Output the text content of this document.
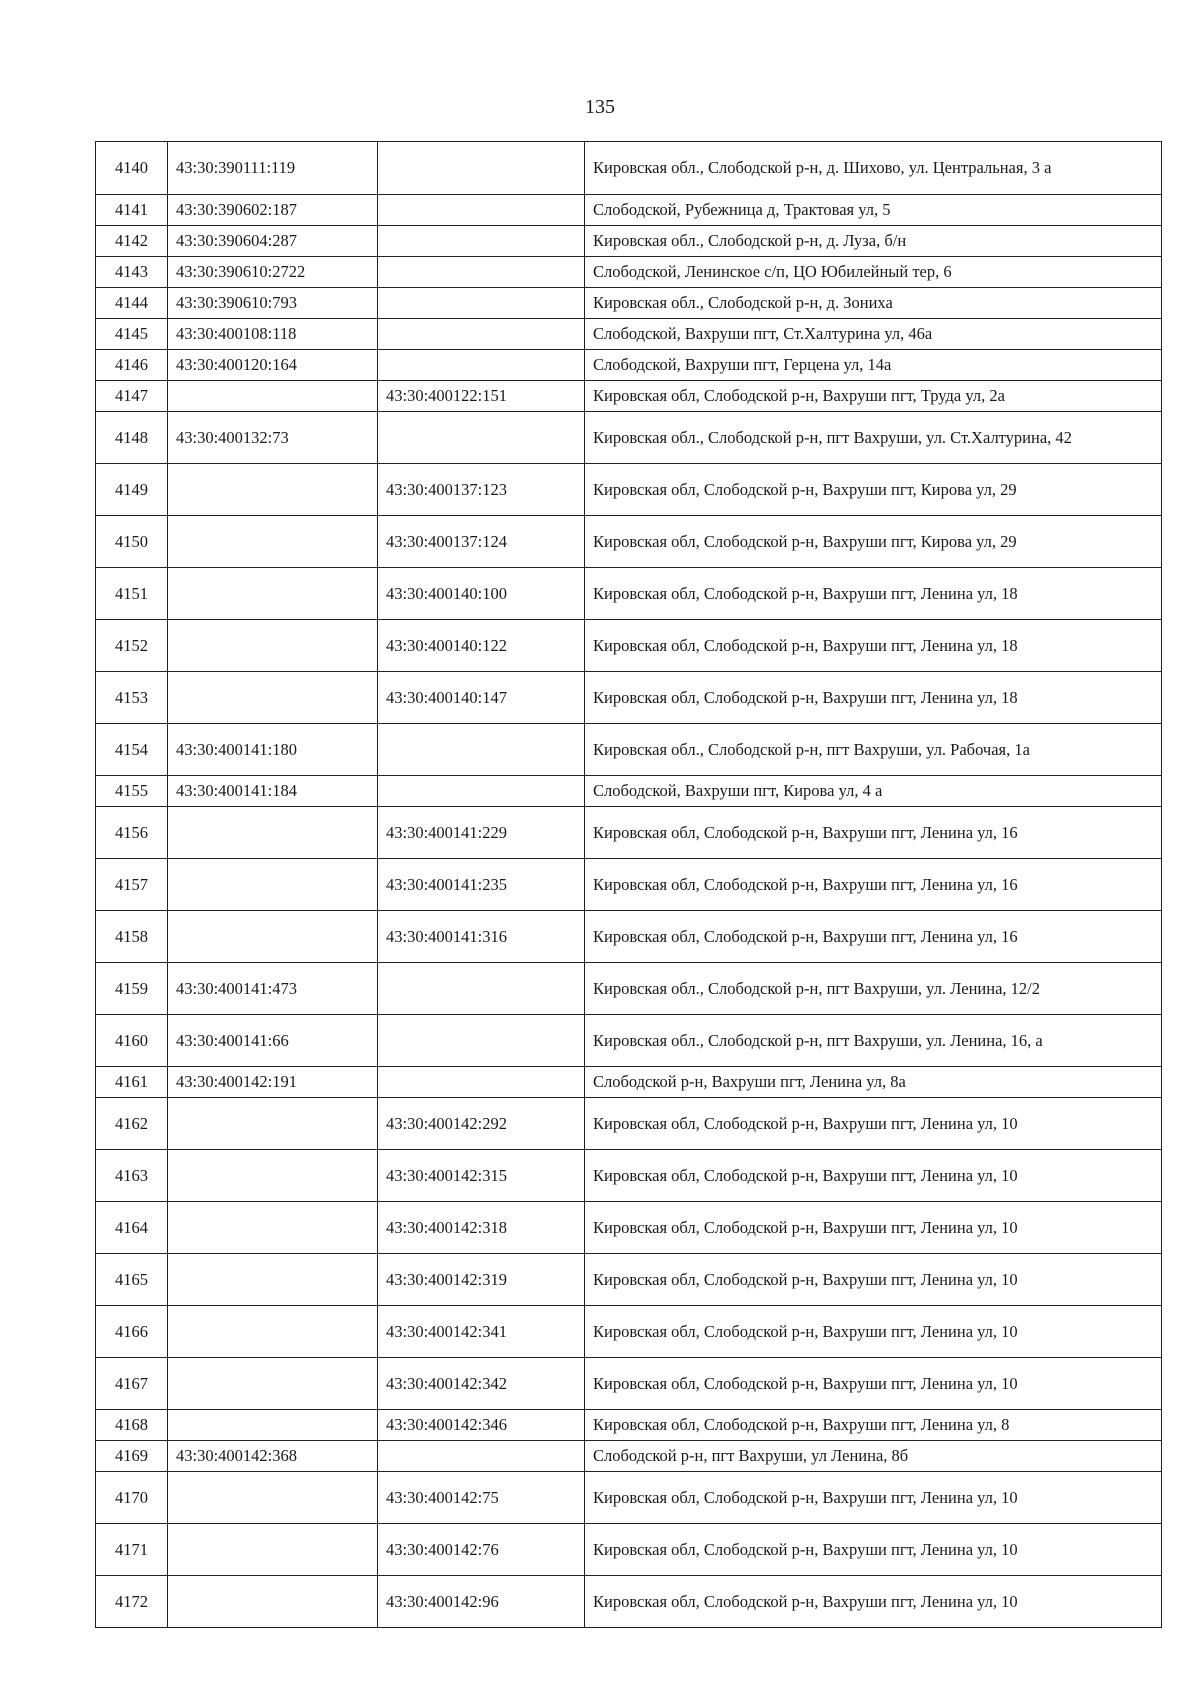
135
4140	43:30:390111:119		Кировская обл., Слободской р-н, д. Шихово, ул. Центральная, 3 а
4141	43:30:390602:187		Слободской, Рубежница д, Трактовая ул, 5
4142	43:30:390604:287		Кировская обл., Слободской р-н, д. Луза, б/н
4143	43:30:390610:2722		Слободской, Ленинское с/п, ЦО Юбилейный тер, 6
4144	43:30:390610:793		Кировская обл., Слободской р-н, д. Зониха
4145	43:30:400108:118		Слободской, Вахруши пгт, Ст.Халтурина ул, 46а
4146	43:30:400120:164		Слободской, Вахруши пгт, Герцена ул, 14а
4147		43:30:400122:151	Кировская обл, Слободской р-н, Вахруши пгт, Труда ул, 2а
4148	43:30:400132:73		Кировская обл., Слободской р-н, пгт Вахруши, ул. Ст.Халтурина, 42
4149		43:30:400137:123	Кировская обл, Слободской р-н, Вахруши пгт, Кирова ул, 29
4150		43:30:400137:124	Кировская обл, Слободской р-н, Вахруши пгт, Кирова ул, 29
4151		43:30:400140:100	Кировская обл, Слободской р-н, Вахруши пгт, Ленина ул, 18
4152		43:30:400140:122	Кировская обл, Слободской р-н, Вахруши пгт, Ленина ул, 18
4153		43:30:400140:147	Кировская обл, Слободской р-н, Вахруши пгт, Ленина ул, 18
4154	43:30:400141:180		Кировская обл., Слободской р-н, пгт Вахруши, ул. Рабочая, 1а
4155	43:30:400141:184		Слободской, Вахруши пгт, Кирова ул, 4 а
4156		43:30:400141:229	Кировская обл, Слободской р-н, Вахруши пгт, Ленина ул, 16
4157		43:30:400141:235	Кировская обл, Слободской р-н, Вахруши пгт, Ленина ул, 16
4158		43:30:400141:316	Кировская обл, Слободской р-н, Вахруши пгт, Ленина ул, 16
4159	43:30:400141:473		Кировская обл., Слободской р-н, пгт Вахруши, ул. Ленина, 12/2
4160	43:30:400141:66		Кировская обл., Слободской р-н, пгт Вахруши, ул. Ленина, 16, а
4161	43:30:400142:191		Слободской р-н, Вахруши пгт, Ленина ул, 8а
4162		43:30:400142:292	Кировская обл, Слободской р-н, Вахруши пгт, Ленина ул, 10
4163		43:30:400142:315	Кировская обл, Слободской р-н, Вахруши пгт, Ленина ул, 10
4164		43:30:400142:318	Кировская обл, Слободской р-н, Вахруши пгт, Ленина ул, 10
4165		43:30:400142:319	Кировская обл, Слободской р-н, Вахруши пгт, Ленина ул, 10
4166		43:30:400142:341	Кировская обл, Слободской р-н, Вахруши пгт, Ленина ул, 10
4167		43:30:400142:342	Кировская обл, Слободской р-н, Вахруши пгт, Ленина ул, 10
4168		43:30:400142:346	Кировская обл, Слободской р-н, Вахруши пгт, Ленина ул, 8
4169	43:30:400142:368		Слободской р-н, пгт Вахруши, ул Ленина, 8б
4170		43:30:400142:75	Кировская обл, Слободской р-н, Вахруши пгт, Ленина ул, 10
4171		43:30:400142:76	Кировская обл, Слободской р-н, Вахруши пгт, Ленина ул, 10
4172		43:30:400142:96	Кировская обл, Слободской р-н, Вахруши пгт, Ленина ул, 10
